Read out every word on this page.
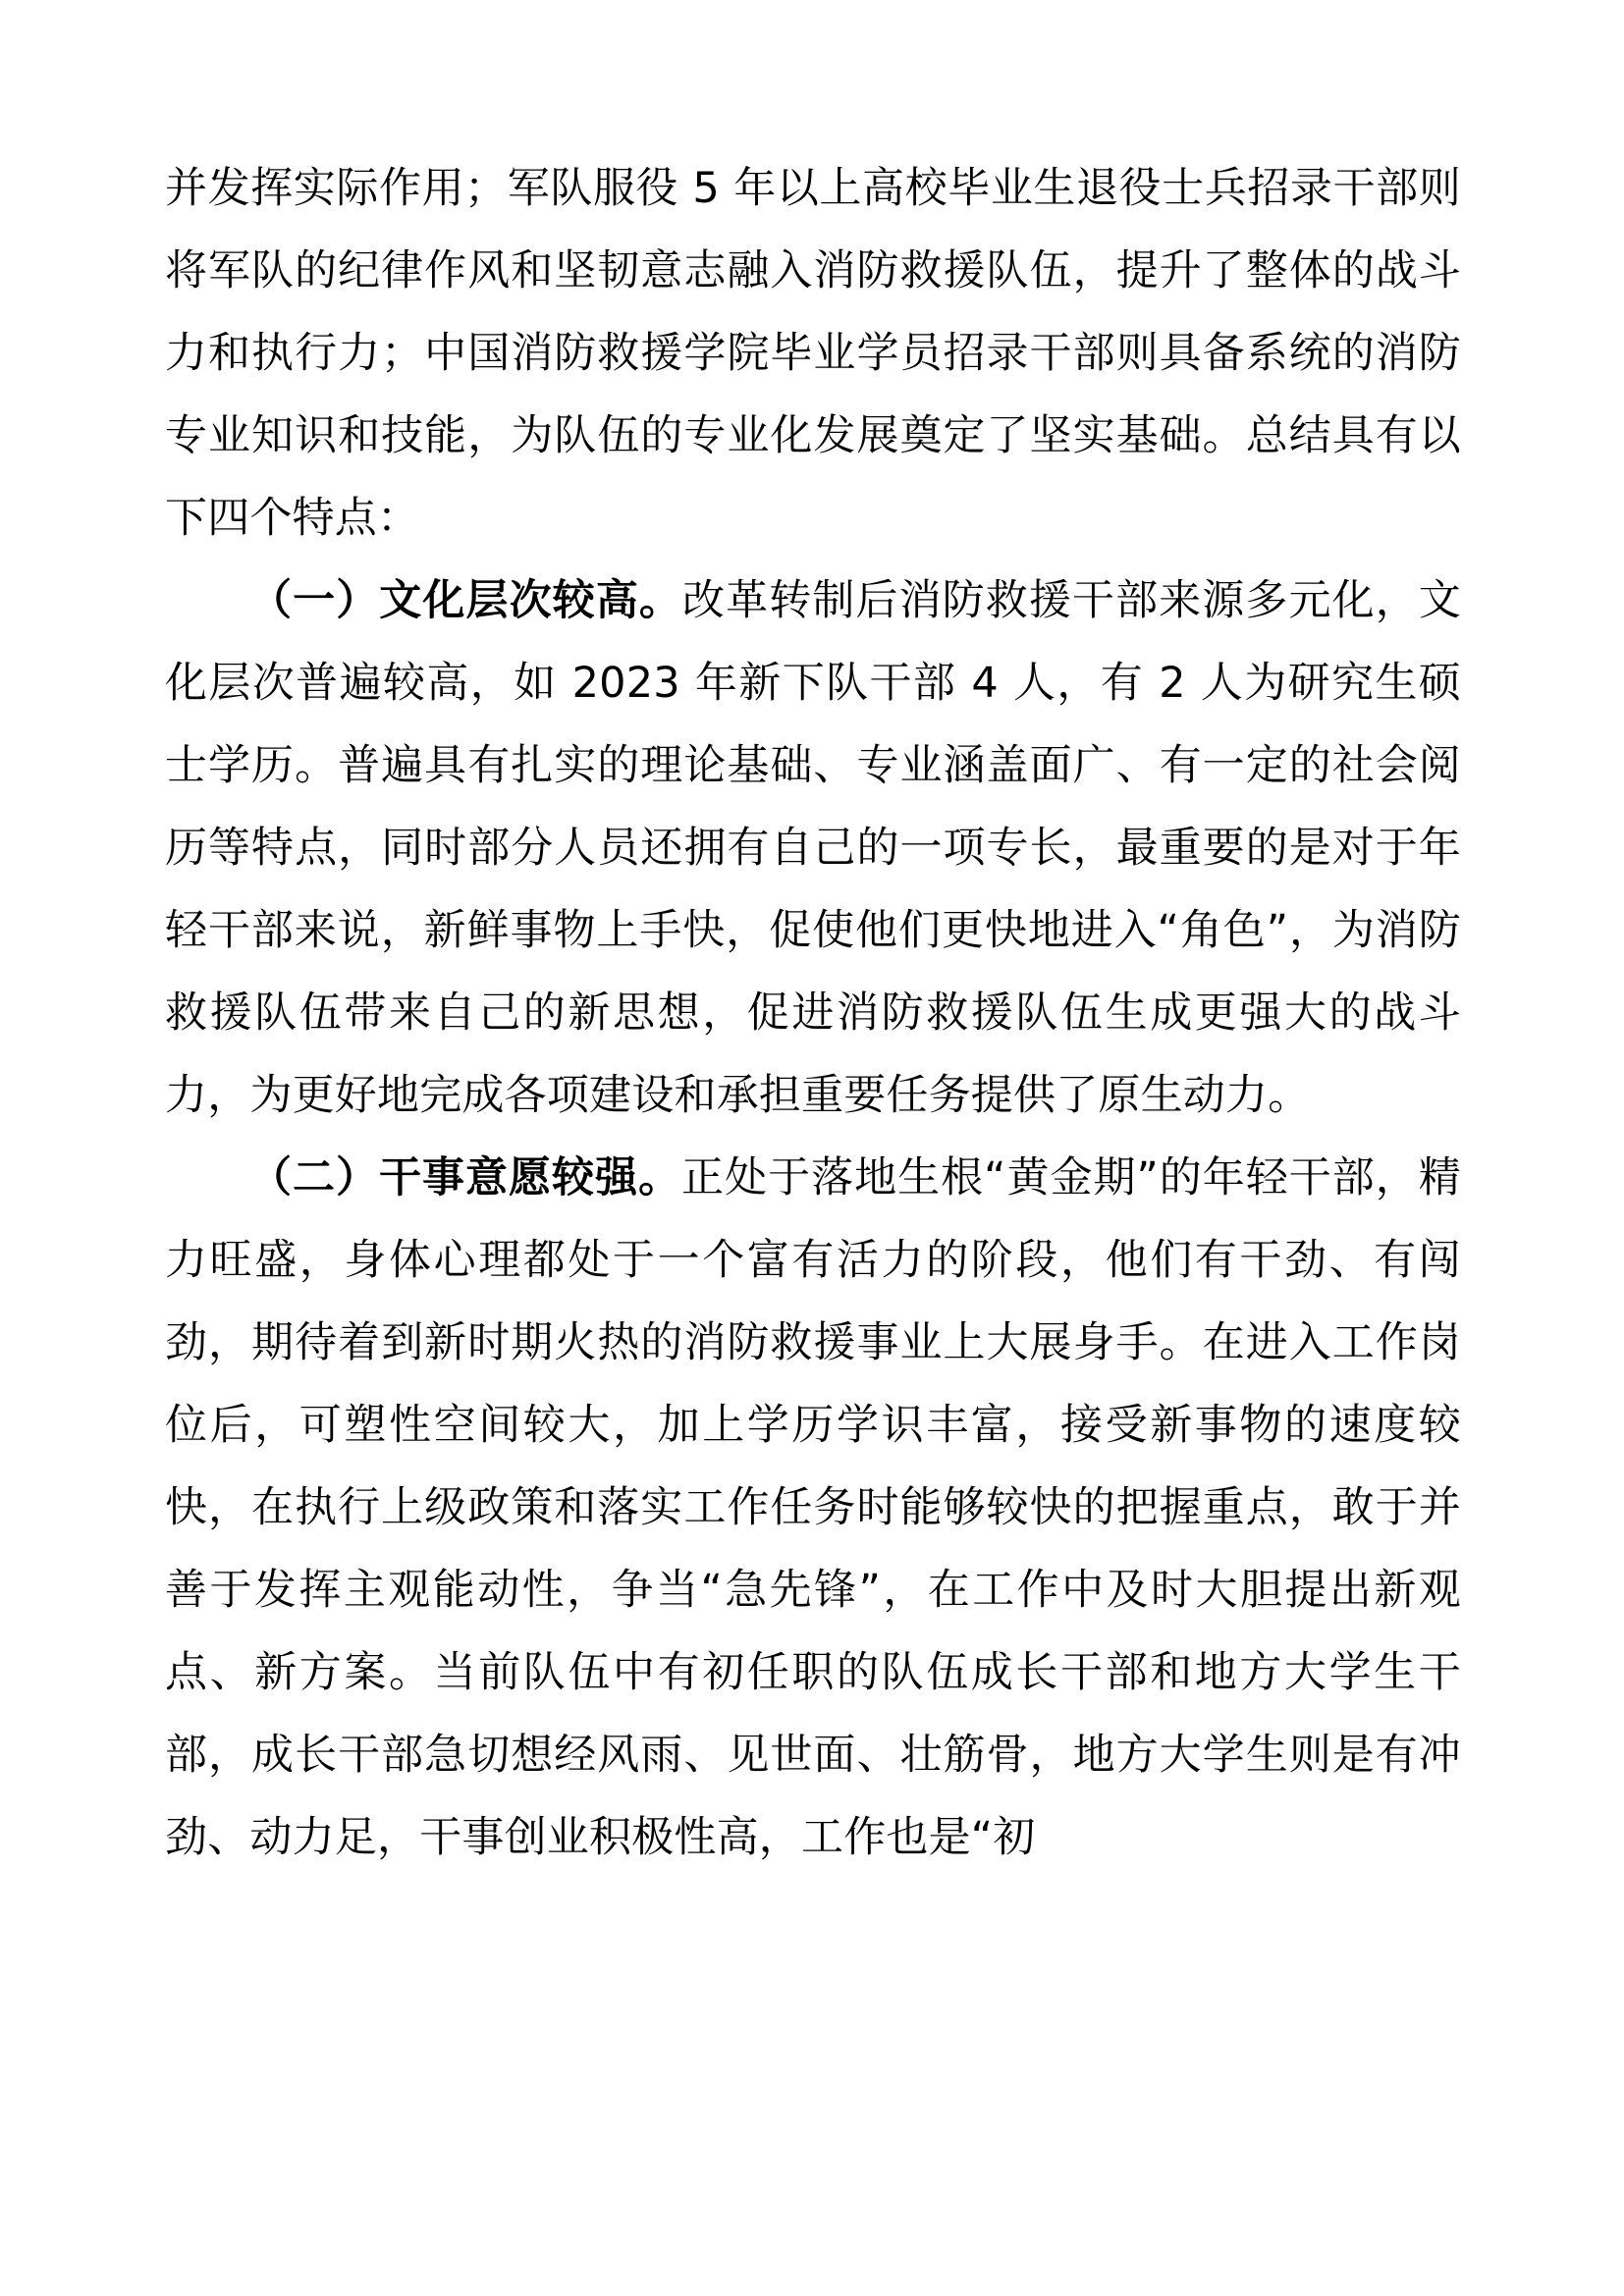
并发挥实际作用；军队服役 5 年以上高校毕业生退役士兵招录干部则将军队的纪律作风和坚韧意志融入消防救援队伍，提升了整体的战斗力和执行力；中国消防救援学院毕业学员招录干部则具备系统的消防专业知识和技能，为队伍的专业化发展奠定了坚实基础。总结具有以下四个特点：

（一）文化层次较高。改革转制后消防救援干部来源多元化，文化层次普遍较高，如 2023 年新下队干部 4 人，有 2 人为研究生硕士学历。普遍具有扎实的理论基础、专业涵盖面广、有一定的社会阅历等特点，同时部分人员还拥有自己的一项专长，最重要的是对于年轻干部来说，新鲜事物上手快，促使他们更快地进入“角色”，为消防救援队伍带来自己的新思想，促进消防救援队伍生成更强大的战斗力，为更好地完成各项建设和承担重要任务提供了原生动力。

（二）干事意愿较强。正处于落地生根“黄金期”的年轻干部，精力旺盛，身体心理都处于一个富有活力的阶段，他们有干劲、有闯劲，期待着到新时期火热的消防救援事业上大展身手。在进入工作岗位后，可塑性空间较大，加上学历学识丰富，接受新事物的速度较快，在执行上级政策和落实工作任务时能够较快的把握重点，敢于并善于发挥主观能动性，争当“急先锋”，在工作中及时大胆提出新观点、新方案。当前队伍中有初任职的队伍成长干部和地方大学生干部，成长干部急切想经风雨、见世面、壮筋骨，地方大学生则是有冲劲、动力足，干事创业积极性高，工作也是“初
